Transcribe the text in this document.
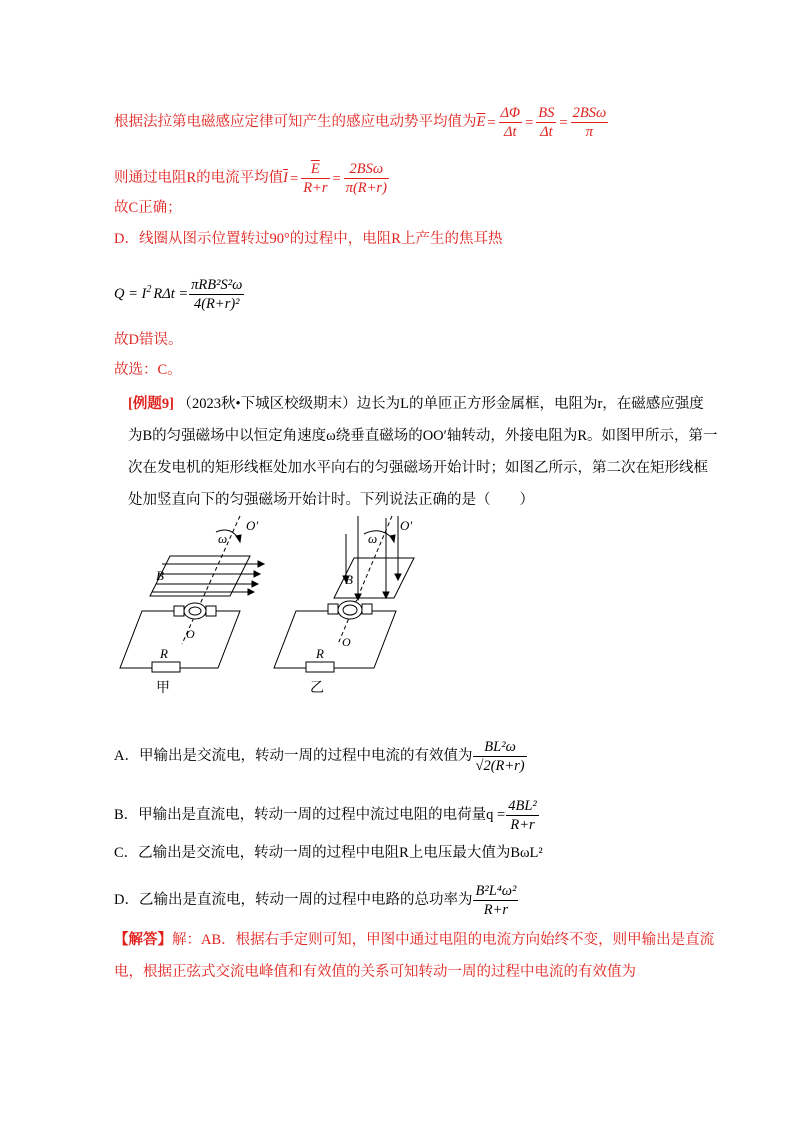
根据法拉第电磁感应定律可知产生的感应电动势平均值为$\overline{E} = \frac{\Delta\Phi}{\Delta t} = \frac{BS}{\Delta t} = \frac{\text{2BSω}}{\pi}$
则通过电阻R的电流平均值$\overline{I} = \frac{\overline{E}}{R+r} = \frac{\text{2BSω}}{\pi(R+r)}$
故C正确；
D．线圈从图示位置转过90°的过程中，电阻R上产生的焦耳热
$Q = I^2$ $R\Delta t = \frac{\text{πRB²S²ω}}{\text{4(R+r)²}}$
故D错误。
故选：C。
[例题9] （2023秋•下城区校级期末）边长为L的单匝正方形金属框，电阻为r，在磁感应强度为B的匀强磁场中以恒定角速度ω绕垂直磁场的OO′轴转动，外接电阻为R。如图甲所示，第一次在发电机的矩形线框处加水平向右的匀强磁场开始计时；如图乙所示，第二次在矩形线框处加竖直向下的匀强磁场开始计时。下列说法正确的是（　　）
ω
O′
B
O
R
甲
ω
O′
B
O
R
乙
A．甲输出是交流电，转动一周的过程中电流的有效值为 $\frac{\text{BL²ω}}{√2(R+r)}$
B．甲输出是直流电，转动一周的过程中流过电阻的电荷量$q = \frac{\text{4BL²}}{R+r}$
C．乙输出是交流电，转动一周的过程中电阻R上电压最大值为BωL²
D．乙输出是直流电，转动一周的过程中电路的总功率为 $\frac{\text{B²L⁴ω²}}{R+r}$
【解答】解：AB．根据右手定则可知，甲图中通过电阻的电流方向始终不变，则甲输出是直流电，根据正弦式交流电峰值和有效值的关系可知转动一周的过程中电流的有效值为
